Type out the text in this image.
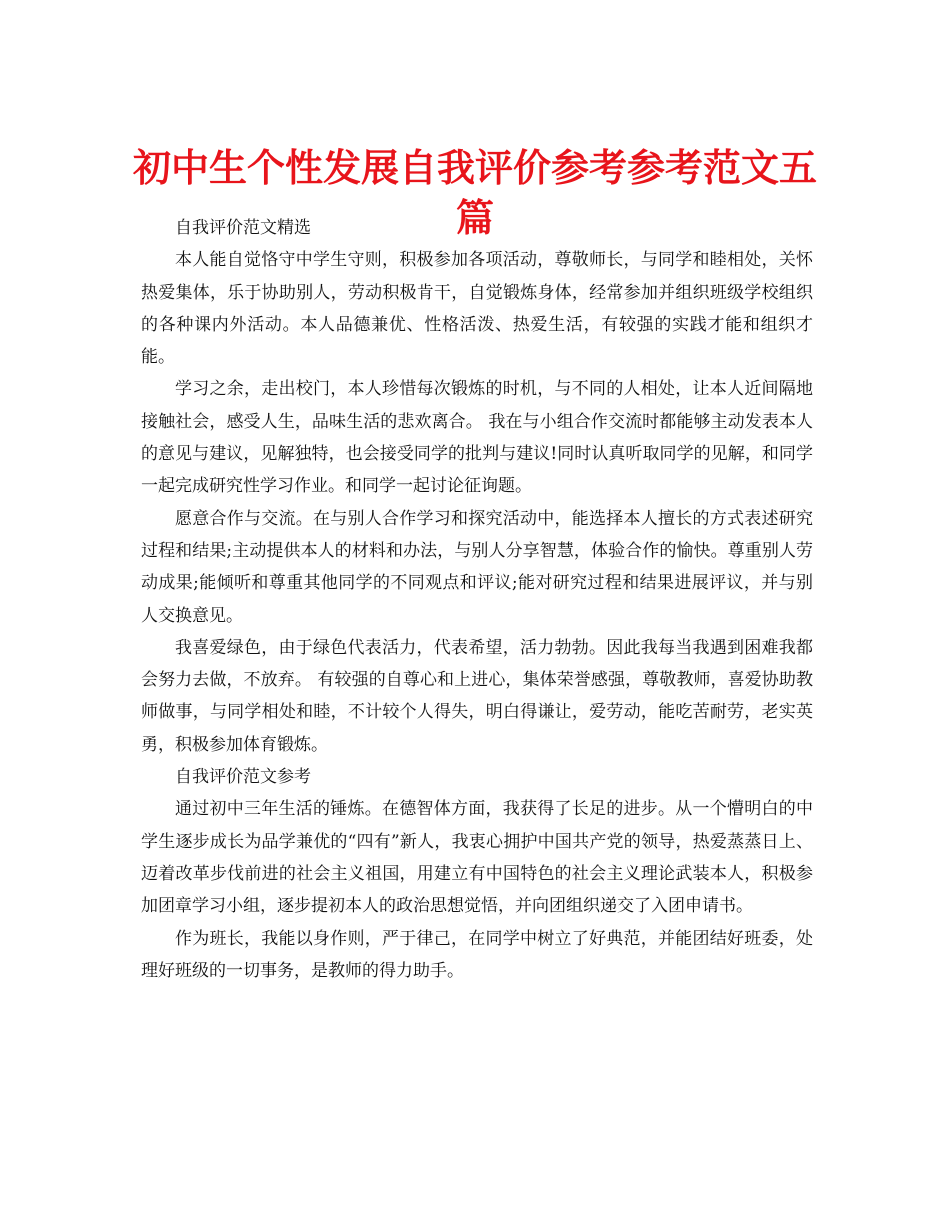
初中生个性发展自我评价参考参考范文五篇

自我评价范文精选

本人能自觉恪守中学生守则，积极参加各项活动，尊敬师长，与同学和睦相处，关怀热爱集体，乐于协助别人，劳动积极肯干，自觉锻炼身体，经常参加并组织班级学校组织的各种课内外活动。本人品德兼优、性格活泼、热爱生活，有较强的实践才能和组织才能。

学习之余，走出校门，本人珍惜每次锻炼的时机，与不同的人相处，让本人近间隔地接触社会，感受人生，品味生活的悲欢离合。 我在与小组合作交流时都能够主动发表本人的意见与建议，见解独特，也会接受同学的批判与建议!同时认真听取同学的见解，和同学一起完成研究性学习作业。和同学一起讨论征询题。

愿意合作与交流。在与别人合作学习和探究活动中，能选择本人擅长的方式表述研究过程和结果;主动提供本人的材料和办法，与别人分享智慧，体验合作的愉快。尊重别人劳动成果;能倾听和尊重其他同学的不同观点和评议;能对研究过程和结果进展评议，并与别人交换意见。

我喜爱绿色，由于绿色代表活力，代表希望，活力勃勃。因此我每当我遇到困难我都会努力去做，不放弃。 有较强的自尊心和上进心，集体荣誉感强，尊敬教师，喜爱协助教师做事，与同学相处和睦，不计较个人得失，明白得谦让，爱劳动，能吃苦耐劳，老实英勇，积极参加体育锻炼。

自我评价范文参考

通过初中三年生活的锤炼。在德智体方面，我获得了长足的进步。从一个懵明白的中学生逐步成长为品学兼优的“四有”新人，我衷心拥护中国共产党的领导，热爱蒸蒸日上、迈着改革步伐前进的社会主义祖国，用建立有中国特色的社会主义理论武装本人，积极参加团章学习小组，逐步提初本人的政治思想觉悟，并向团组织递交了入团申请书。

作为班长，我能以身作则，严于律己，在同学中树立了好典范，并能团结好班委，处理好班级的一切事务，是教师的得力助手。
